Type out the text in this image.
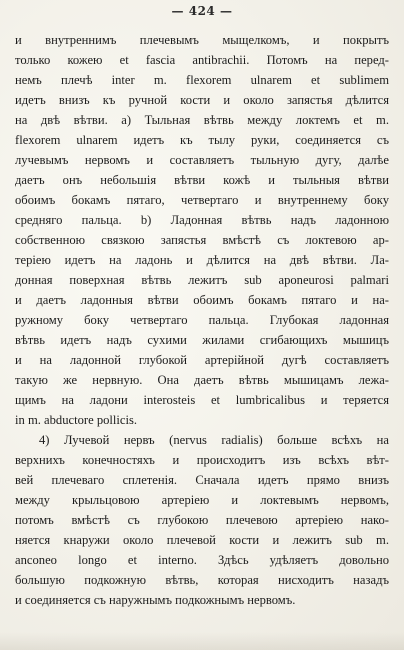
— 424 —
и внутреннимъ плечевымъ мыщелкомъ, и покрытъ
только кожею et fascia antibrachii. Потомъ на перед-
немъ плечѣ inter m. flexorem ulnarem et sublimem
идетъ внизъ къ ручной кости и около запястья дѣлится
на двѣ вѣтви. a) Тыльная вѣтвь между локтемъ et m.
flexorem ulnarem идетъ къ тылу руки, соединяется съ
лучевымъ нервомъ и составляетъ тыльную дугу, далѣе
даетъ онъ небольшія вѣтви кожѣ и тыльныя вѣтви
обоимъ бокамъ пятаго, четвертаго и внутреннему боку
средняго пальца. b) Ладонная вѣтвь надъ ладонною
собственною связкою запястья вмѣстѣ съ локтевою ар-
теріею идетъ на ладонь и дѣлится на двѣ вѣтви. Ла-
донная поверхная вѣтвь лежитъ sub aponeurosi palmari
и даетъ ладонныя вѣтви обоимъ бокамъ пятаго и на-
ружному боку четвертаго пальца. Глубокая ладонная
вѣтвь идетъ надъ сухими жилами сгибающихъ мышицъ
и на ладонной глубокой артерійной дугѣ составляетъ
такую же нервную. Она даетъ вѣтвь мышицамъ лежа-
щимъ на ладони interosteis et lumbricalibus и теряется
in m. abductore pollicis.
4) Лучевой нервъ (nervus radialis) больше всѣхъ на
верхнихъ конечностяхъ и происходитъ изъ всѣхъ вѣт-
вей плечеваго сплетенія. Сначала идетъ прямо внизъ
между крыльцовою артеріею и локтевымъ нервомъ,
потомъ вмѣстѣ съ глубокою плечевою артеріею нако-
няется кнаружи около плечевой кости и лежитъ sub m.
anconeo longo et interno. Здѣсь удѣляетъ довольно
большую подкожную вѣтвь, которая нисходитъ назадъ
и соединяется съ наружнымъ подкожнымъ нервомъ.
